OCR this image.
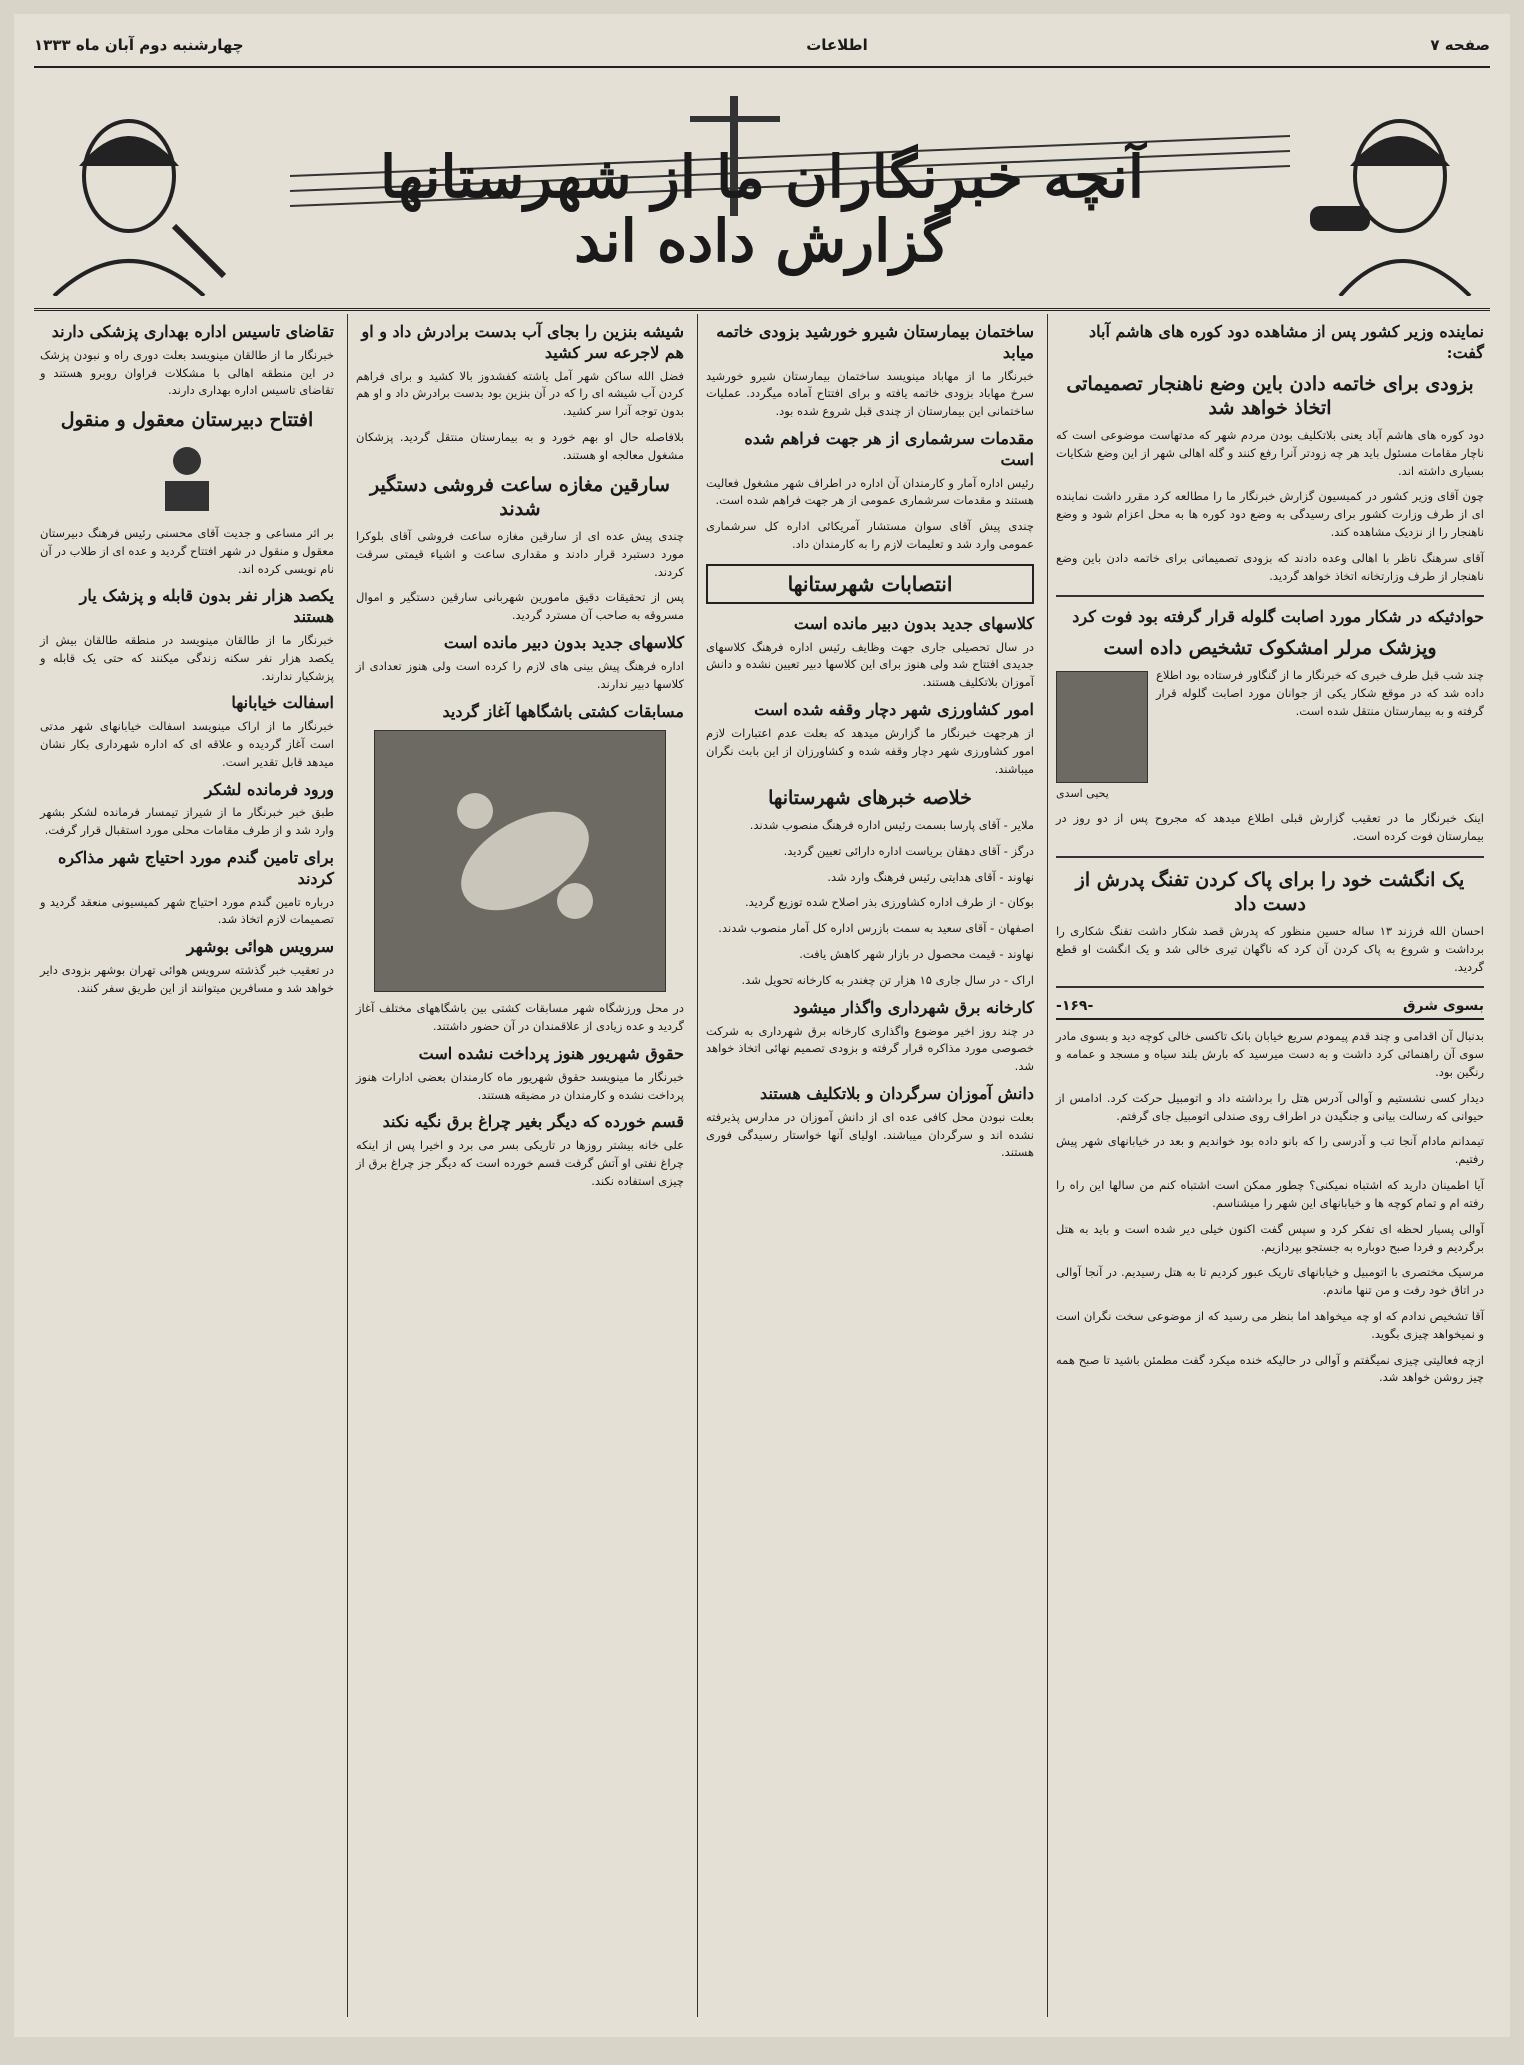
صفحه ۷
اطلاعات
چهارشنبه دوم آبان ماه ۱۳۳۳
آنچه خبرنگاران ما از شهرستانها گزارش داده اند
نماینده وزیر کشور پس از مشاهده دود کوره های هاشم آباد گفت:
بزودی برای خاتمه دادن باین وضع ناهنجار تصمیماتی اتخاذ خواهد شد

دود کوره های هاشم آباد یعنی بلاتکلیف بودن مردم شهر که مدتهاست موضوعی است که ناچار مقامات مسئول باید هر چه زودتر آنرا رفع کنند و گله اهالی شهر از این وضع شکایات بسیاری داشته اند.

چون آقای وزیر کشور در کمیسیون گزارش خبرنگار ما را مطالعه کرد مقرر داشت نماینده ای از طرف وزارت کشور برای رسیدگی به وضع دود کوره ها به محل اعزام شود و وضع ناهنجار را از نزدیک مشاهده کند.

آقای سرهنگ ناظر با اهالی وعده دادند که بزودی تصمیماتی برای خاتمه دادن باین وضع ناهنجار از طرف وزارتخانه اتخاذ خواهد گردید.

حوادثیکه در شکار مورد اصابت گلوله قرار گرفته بود فوت کرد
وپزشک مرلر امشکوک تشخیص داده است

چند شب قبل طرف خبری که خبرنگار ما از گنگاور فرستاده بود اطلاع داده شد که در موقع شکار یکی از جوانان مورد اصابت گلوله قرار گرفته و به بیمارستان منتقل شده است.

یحیی اسدی

اینک خبرنگار ما در تعقیب گزارش قبلی اطلاع میدهد که مجروح پس از دو روز در بیمارستان فوت کرده است.

یک انگشت خود را برای پاک کردن تفنگ پدرش از دست داد

احسان الله فرزند ۱۳ ساله حسین منظور که پدرش قصد شکار داشت تفنگ شکاری را برداشت و شروع به پاک کردن آن کرد که ناگهان تیری خالی شد و یک انگشت او قطع گردید.

بسوی شرق
-۱۶۹-

بدنبال آن اقدامی و چند قدم پیمودم سریع خیابان بانک تاکسی خالی کوچه دید و بسوی مادر سوی آن راهنمائی کرد داشت و به دست میرسید که بارش بلند سیاه و مسجد و عمامه و رنگین بود.

دیدار کسی نشستیم و آوالی آدرس هتل را برداشته داد و اتومبیل حرکت کرد. ادامس از حیوانی که رسالت بیانی و جنگیدن در اطراف روی صندلی اتومبیل جای گرفتم.

تیمدانم مادام آنجا تب و آدرسی را که بانو داده بود خواندیم و بعد در خیابانهای شهر پیش رفتیم.

آیا اطمینان دارید که اشتباه نمیکنی؟ چطور ممکن است اشتباه کنم من سالها این راه را رفته ام و تمام کوچه ها و خیابانهای این شهر را میشناسم.

آوالی پسیار لحظه ای تفکر کرد و سپس گفت اکنون خیلی دیر شده است و باید به هتل برگردیم و فردا صبح دوباره به جستجو بپردازیم.

مرسیک مختصری با اتومبیل و خیابانهای تاریک عبور کردیم تا به هتل رسیدیم. در آنجا آوالی در اتاق خود رفت و من تنها ماندم.

آقا تشخیص ندادم که او چه میخواهد اما بنظر می رسید که از موضوعی سخت نگران است و نمیخواهد چیزی بگوید.

ازچه فعالیتی چیزی نمیگفتم و آوالی در حالیکه خنده میکرد گفت مطمئن باشید تا صبح همه چیز روشن خواهد شد.

ساختمان بیمارستان شیرو خورشید بزودی خاتمه میابد

خبرنگار ما از مهاباد مینویسد ساختمان بیمارستان شیرو خورشید سرخ مهاباد بزودی خاتمه یافته و برای افتتاح آماده میگردد. عملیات ساختمانی این بیمارستان از چندی قبل شروع شده بود.

مقدمات سرشماری از هر جهت فراهم شده است

رئیس اداره آمار و کارمندان آن اداره در اطراف شهر مشغول فعالیت هستند و مقدمات سرشماری عمومی از هر جهت فراهم شده است.

چندی پیش آقای سوان مستشار آمریکائی اداره کل سرشماری عمومی وارد شد و تعلیمات لازم را به کارمندان داد.

انتصابات شهرستانها
کلاسهای جدید بدون دبیر مانده است

در سال تحصیلی جاری جهت وظایف رئیس اداره فرهنگ کلاسهای جدیدی افتتاح شد ولی هنوز برای این کلاسها دبیر تعیین نشده و دانش آموزان بلاتکلیف هستند.

امور کشاورزی شهر دچار وقفه شده است

از هرجهت خبرنگار ما گزارش میدهد که بعلت عدم اعتبارات لازم امور کشاورزی شهر دچار وقفه شده و کشاورزان از این بابت نگران میباشند.

خلاصه خبرهای شهرستانها

ملایر - آقای پارسا بسمت رئیس اداره فرهنگ منصوب شدند.

درگز - آقای دهقان بریاست اداره دارائی تعیین گردید.

نهاوند - آقای هدایتی رئیس فرهنگ وارد شد.

بوکان - از طرف اداره کشاورزی بذر اصلاح شده توزیع گردید.

اصفهان - آقای سعید به سمت بازرس اداره کل آمار منصوب شدند.

نهاوند - قیمت محصول در بازار شهر کاهش یافت.

اراک - در سال جاری ۱۵ هزار تن چغندر به کارخانه تحویل شد.

کارخانه برق شهرداری واگذار میشود

در چند روز اخیر موضوع واگذاری کارخانه برق شهرداری به شرکت خصوصی مورد مذاکره قرار گرفته و بزودی تصمیم نهائی اتخاذ خواهد شد.

دانش آموزان سرگردان و بلاتکلیف هستند

بعلت نبودن محل کافی عده ای از دانش آموزان در مدارس پذیرفته نشده اند و سرگردان میباشند. اولیای آنها خواستار رسیدگی فوری هستند.

شیشه بنزین را بجای آب بدست برادرش داد و او هم لاجرعه سر کشید

فضل الله ساکن شهر آمل یاشته کفشدوز بالا کشید و برای فراهم کردن آب شیشه ای را که در آن بنزین بود بدست برادرش داد و او هم بدون توجه آنرا سر کشید.

بلافاصله حال او بهم خورد و به بیمارستان منتقل گردید. پزشکان مشغول معالجه او هستند.

سارقین مغازه ساعت فروشی دستگیر شدند

چندی پیش عده ای از سارقین مغازه ساعت فروشی آقای بلوکرا مورد دستبرد قرار دادند و مقداری ساعت و اشیاء قیمتی سرقت کردند.

پس از تحقیقات دقیق مامورین شهربانی سارقین دستگیر و اموال مسروقه به صاحب آن مسترد گردید.

کلاسهای جدید بدون دبیر مانده است

اداره فرهنگ پیش بینی های لازم را کرده است ولی هنوز تعدادی از کلاسها دبیر ندارند.

مسابقات کشتی باشگاهها آغاز گردید

در محل ورزشگاه شهر مسابقات کشتی بین باشگاههای مختلف آغاز گردید و عده زیادی از علاقمندان در آن حضور داشتند.

حقوق شهریور هنوز پرداخت نشده است

خبرنگار ما مینویسد حقوق شهریور ماه کارمندان بعضی ادارات هنوز پرداخت نشده و کارمندان در مضیقه هستند.

قسم خورده که دیگر بغیر چراغ برق نگیه نکند

علی خانه بیشتر روزها در تاریکی بسر می برد و اخیرا پس از اینکه چراغ نفتی او آتش گرفت قسم خورده است که دیگر جز چراغ برق از چیزی استفاده نکند.

تقاضای تاسیس اداره بهداری پزشکی دارند

خبرنگار ما از طالقان مینویسد بعلت دوری راه و نبودن پزشک در این منطقه اهالی با مشکلات فراوان روبرو هستند و تقاضای تاسیس اداره بهداری دارند.

افتتاح دبیرستان معقول و منقول

بر اثر مساعی و جدیت آقای محسنی رئیس فرهنگ دبیرستان معقول و منقول در شهر افتتاح گردید و عده ای از طلاب در آن نام نویسی کرده اند.

یکصد هزار نفر بدون قابله و پزشک یار هستند

خبرنگار ما از طالقان مینویسد در منطقه طالقان بیش از یکصد هزار نفر سکنه زندگی میکنند که حتی یک قابله و پزشکیار ندارند.

اسفالت خیابانها

خبرنگار ما از اراک مینویسد اسفالت خیابانهای شهر مدتی است آغاز گردیده و علاقه ای که اداره شهرداری بکار نشان میدهد قابل تقدیر است.

ورود فرمانده لشکر

طبق خبر خبرنگار ما از شیراز تیمسار فرمانده لشکر بشهر وارد شد و از طرف مقامات محلی مورد استقبال قرار گرفت.

برای تامین گندم مورد احتیاج شهر مذاکره کردند

درباره تامین گندم مورد احتیاج شهر کمیسیونی منعقد گردید و تصمیمات لازم اتخاذ شد.

سرویس هوائی بوشهر

در تعقیب خبر گذشته سرویس هوائی تهران بوشهر بزودی دایر خواهد شد و مسافرین میتوانند از این طریق سفر کنند.
